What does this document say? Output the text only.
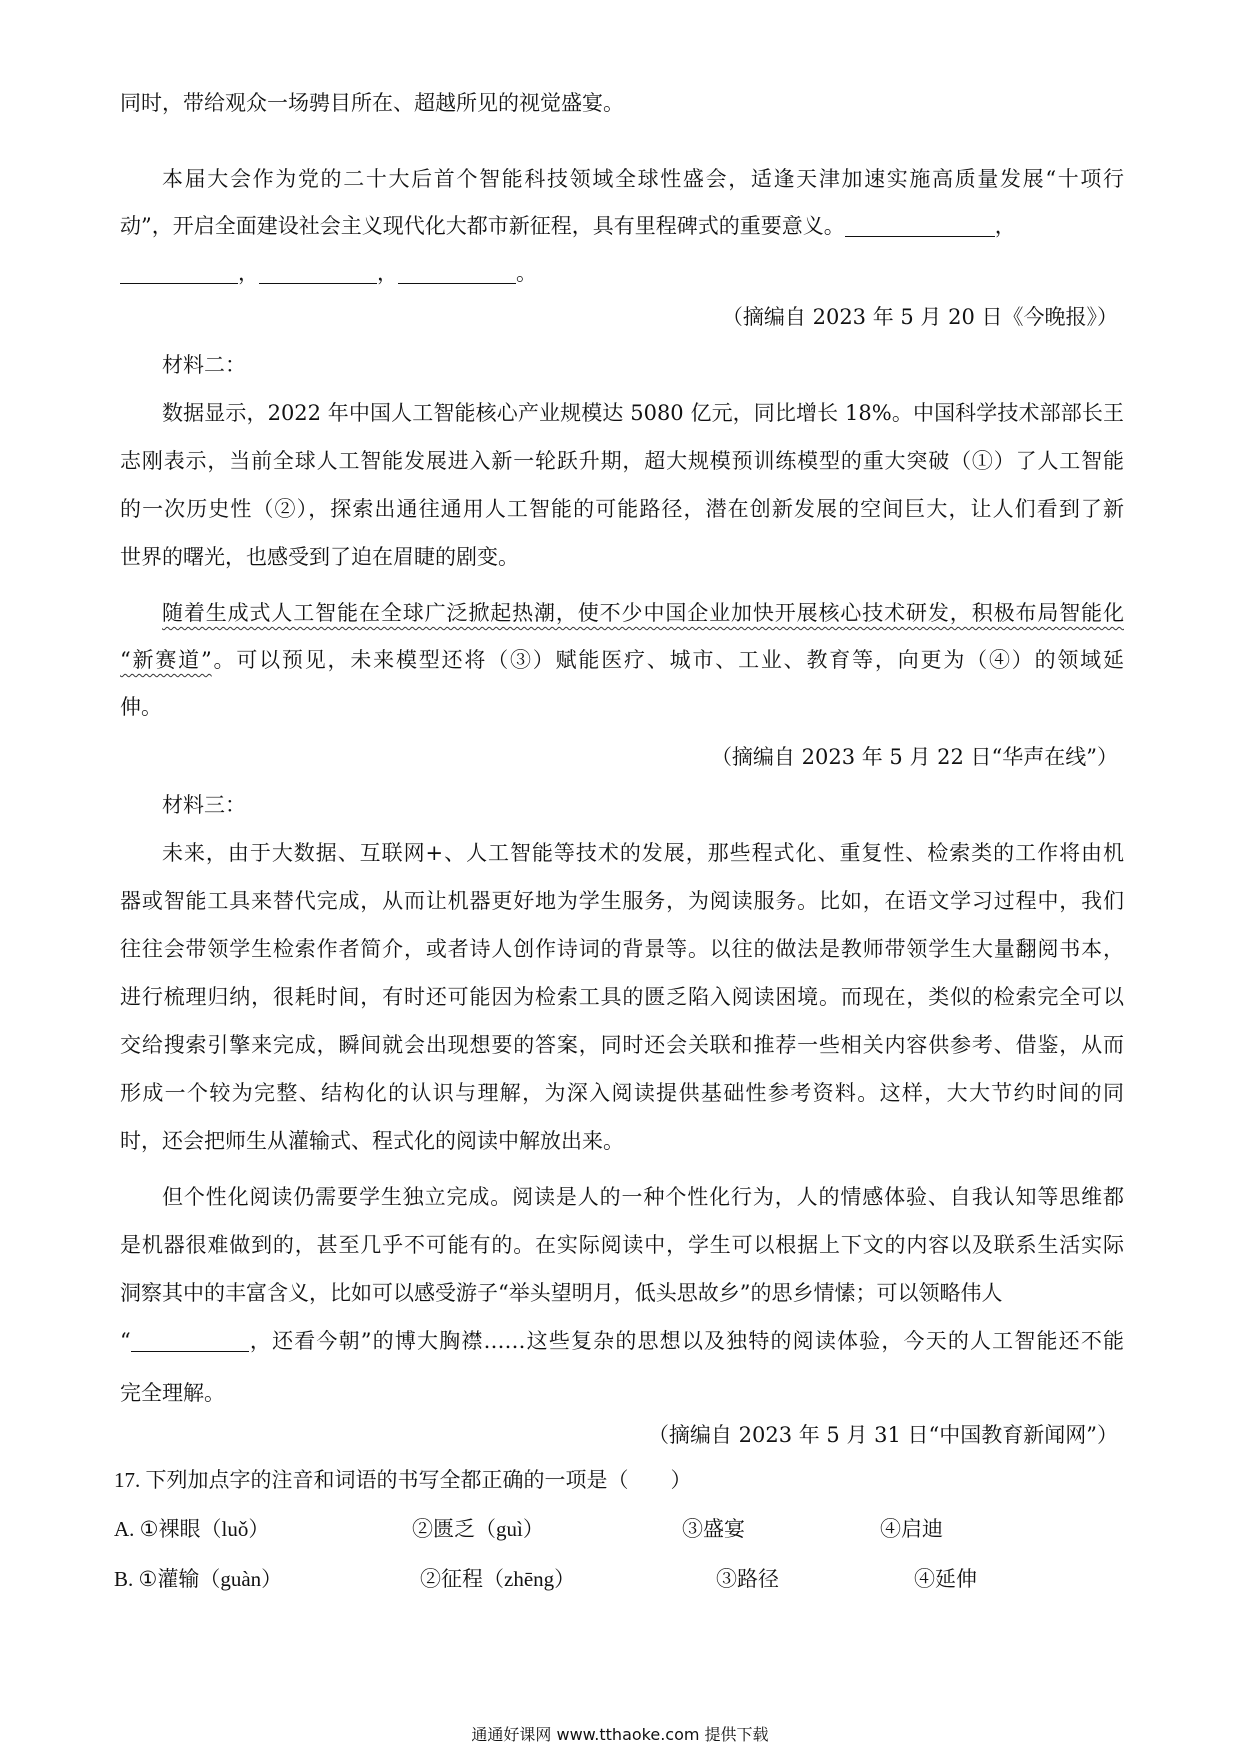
同时，带给观众一场骋目所在、超越所见的视觉盛宴。
本届大会作为党的二十大后首个智能科技领域全球性盛会，适逢天津加速实施高质量发展“十项行
动”，开启全面建设社会主义现代化大都市新征程，具有里程碑式的重要意义。	，
，	，	。
（摘编自 2023 年 5 月 20 日《今晚报》）
材料二：
数据显示，2022 年中国人工智能核心产业规模达 5080 亿元，同比增长 18%。中国科学技术部部长王
志刚表示，当前全球人工智能发展进入新一轮跃升期，超大规模预训练模型的重大突破（①）了人工智能
的一次历史性（②），探索出通往通用人工智能的可能路径，潜在创新发展的空间巨大，让人们看到了新
世界的曙光，也感受到了迫在眉睫的剧变。
随着生成式人工智能在全球广泛掀起热潮，使不少中国企业加快开展核心技术研发，积极布局智能化
“新赛道”。可以预见，未来模型还将（③）赋能医疗、城市、工业、教育等，向更为（④）的领域延
伸。
（摘编自 2023 年 5 月 22 日“华声在线”）
材料三：
未来，由于大数据、互联网+、人工智能等技术的发展，那些程式化、重复性、检索类的工作将由机
器或智能工具来替代完成，从而让机器更好地为学生服务，为阅读服务。比如，在语文学习过程中，我们
往往会带领学生检索作者简介，或者诗人创作诗词的背景等。以往的做法是教师带领学生大量翻阅书本，
进行梳理归纳，很耗时间，有时还可能因为检索工具的匮乏陷入阅读困境。而现在，类似的检索完全可以
交给搜索引擎来完成，瞬间就会出现想要的答案，同时还会关联和推荐一些相关内容供参考、借鉴，从而
形成一个较为完整、结构化的认识与理解，为深入阅读提供基础性参考资料。这样，大大节约时间的同
时，还会把师生从灌输式、程式化的阅读中解放出来。
但个性化阅读仍需要学生独立完成。阅读是人的一种个性化行为，人的情感体验、自我认知等思维都
是机器很难做到的，甚至几乎不可能有的。在实际阅读中，学生可以根据上下文的内容以及联系生活实际
洞察其中的丰富含义，比如可以感受游子“举头望明月，低头思故乡”的思乡情愫；可以领略伟人
“	，还看今朝”的博大胸襟……这些复杂的思想以及独特的阅读体验，今天的人工智能还不能
完全理解。
（摘编自 2023 年 5 月 31 日“中国教育新闻网”）
17. 下列加点字的注音和词语的书写全都正确的一项是（　　）
A. ①裸眼（luǒ）	②匮乏（guì）	③盛宴	④启迪
B. ①灌输（guàn）	②征程（zhēng）	③路径	④延伸
通通好课网 www.tthaoke.com 提供下载
